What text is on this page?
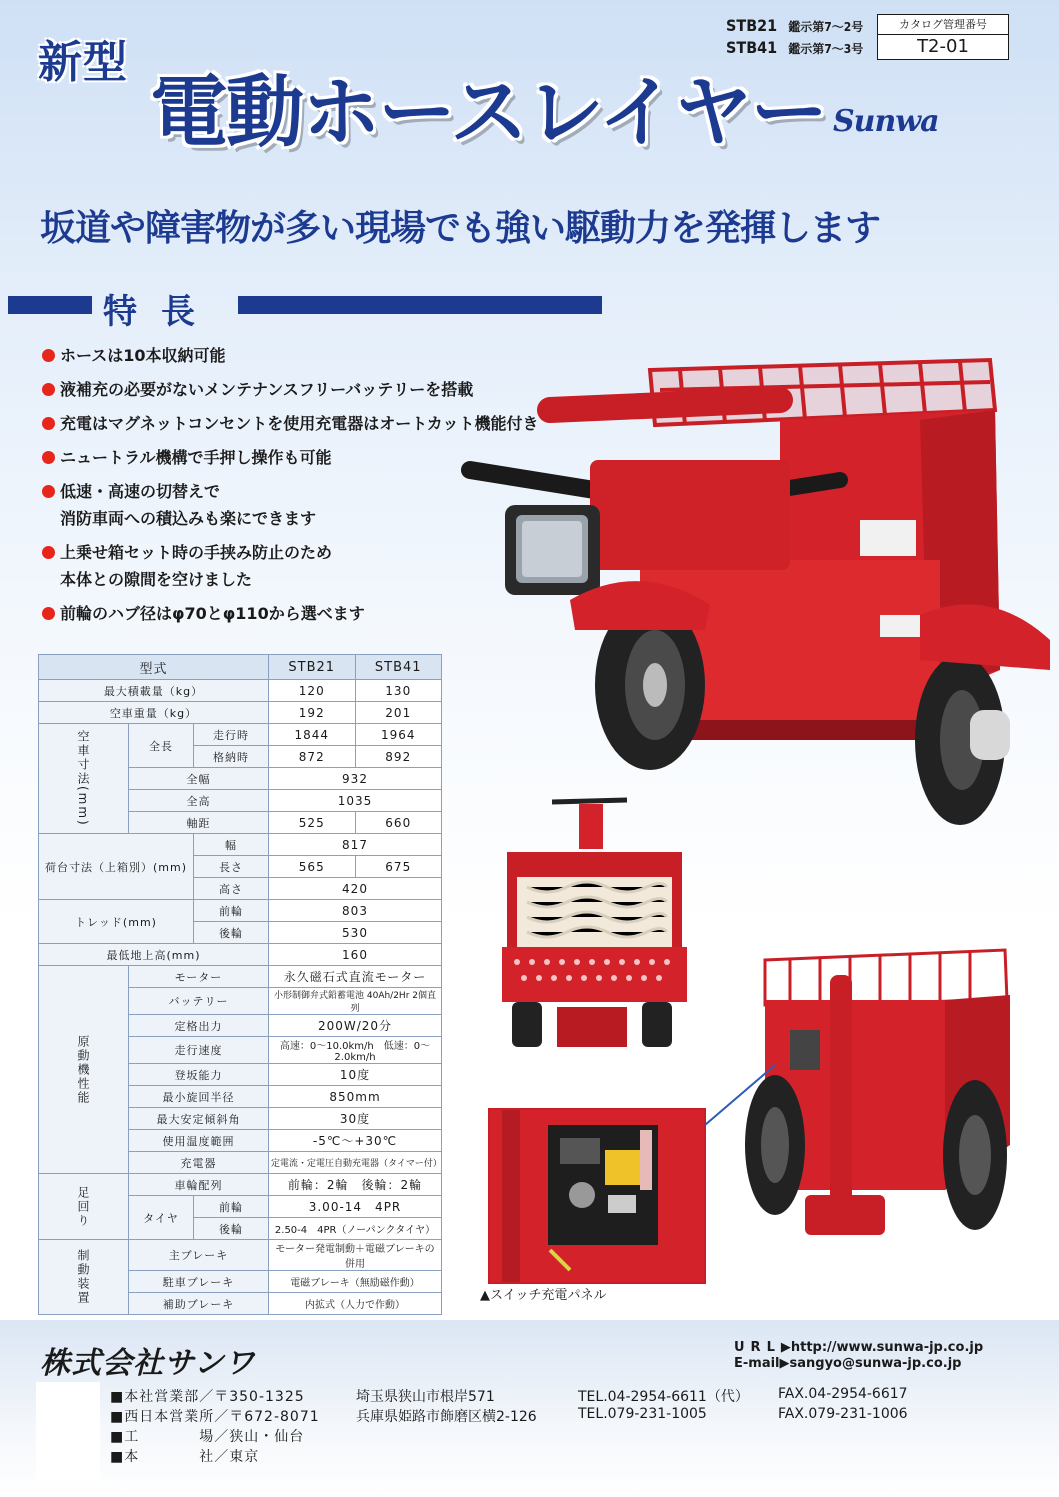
新型
電動ホースレイヤー
STB21 鑑示第7～2号
STB41 鑑示第7～3号
カタログ管理番号
T2-01
Sunwa
坂道や障害物が多い現場でも強い駆動力を発揮します
特長
ホースは10本収納可能
液補充の必要がないメンテナンスフリーバッテリーを搭載
充電はマグネットコンセントを使用充電器はオートカット機能付き
ニュートラル機構で手押し操作も可能
低速・高速の切替えで
消防車両への積込みも楽にできます
上乗せ箱セット時の手挟み防止のため
本体との隙間を空けました
前輪のハブ径はφ70とφ110から選べます
▲スイッチ充電パネル
型式			STB21	STB41
最大積載量（kg）			120	130
空車重量（kg）			192	201
空車寸法(mm)	全長	走行時	1844	1964
		格納時	872	892
	全幅		932	
	全高		1035	
	軸距		525	660
荷台寸法（上箱別）(mm)		幅	817	
		長さ	565	675
		高さ	420	
トレッド(mm)		前輪	803	
		後輪	530	
最低地上高(mm)			160	
原動機性能	モーター		永久磁石式直流モーター	
	バッテリー		小形制御弁式鉛蓄電池 40Ah/2Hr 2個直列	
	定格出力		200W/20分	
	走行速度		高速：0～10.0km/h　低速：0～2.0km/h	
	登坂能力		10度	
	最小旋回半径		850mm	
	最大安定傾斜角		30度	
	使用温度範囲		-5℃～+30℃	
	充電器		定電流・定電圧自動充電器（タイマー付）	
足回り	車輪配列		前輪：2輪　後輪：2輪	
	タイヤ	前輪	3.00-14　4PR	
		後輪	2.50-4　4PR（ノーパンクタイヤ）	
制動装置	主ブレーキ		モーター発電制動＋電磁ブレーキの併用	
	駐車ブレーキ		電磁ブレーキ（無励磁作動）	
	補助ブレーキ		内拡式（人力で作動）	
株式会社サンワ	URL▶http://www.sunwa-jp.co.jp
E-mail▶sangyo@sunwa-jp.co.jp
■本社営業部／〒350-1325	埼玉県狭山市根岸571	TEL.04-2954-6611（代）	FAX.04-2954-6617
■西日本営業所／〒672-8071	兵庫県姫路市飾磨区横2-126	TEL.079-231-1005	FAX.079-231-1006
■工　　　　場／狭山・仙台
■本　　　　社／東京
